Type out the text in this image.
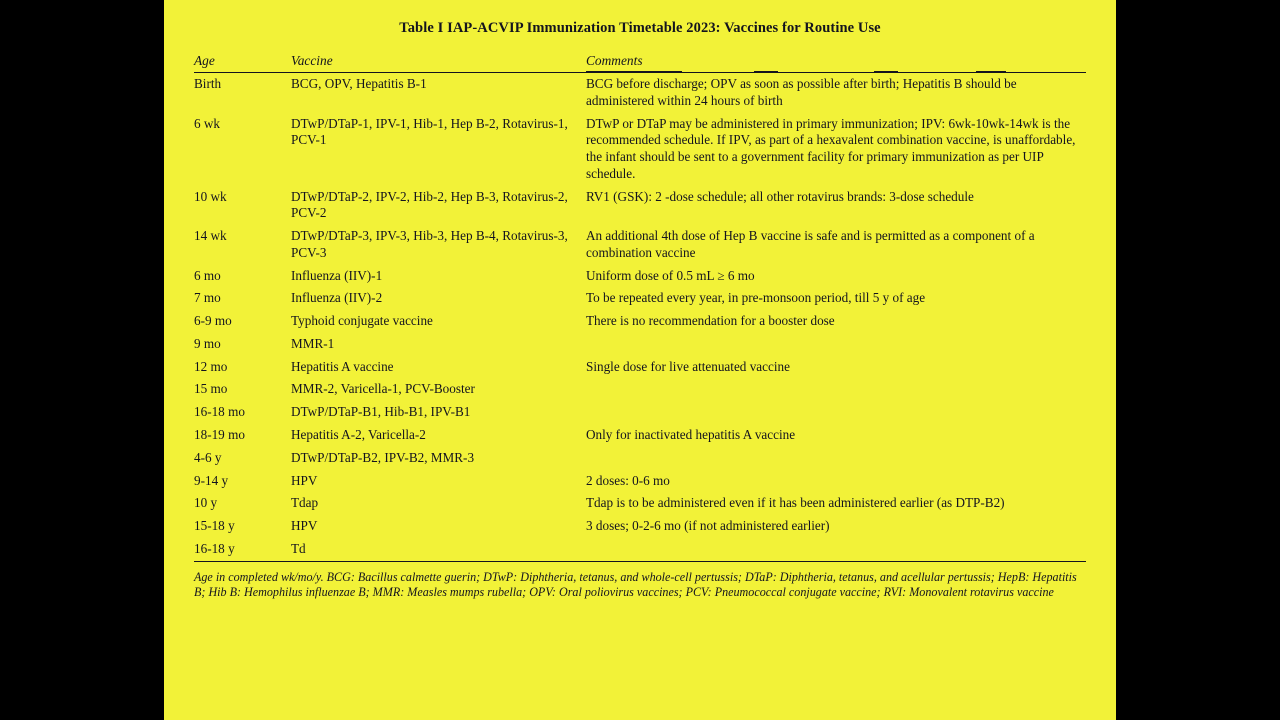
Table I IAP-ACVIP Immunization Timetable 2023: Vaccines for Routine Use

Age	Vaccine	Comments

Birth	BCG, OPV, Hepatitis B-1	BCG before discharge; OPV as soon as possible after birth; Hepatitis B should be administered within 24 hours of birth
6 wk	DTwP/DTaP-1, IPV-1, Hib-1, Hep B-2, Rotavirus-1, PCV-1	DTwP or DTaP may be administered in primary immunization; IPV: 6wk-10wk-14wk is the recommended schedule. If IPV, as part of a hexavalent combination vaccine, is unaffordable, the infant should be sent to a government facility for primary immunization as per UIP schedule.
10 wk	DTwP/DTaP-2, IPV-2, Hib-2, Hep B-3, Rotavirus-2, PCV-2	RV1 (GSK): 2 -dose schedule; all other rotavirus brands: 3-dose schedule
14 wk	DTwP/DTaP-3, IPV-3, Hib-3, Hep B-4, Rotavirus-3, PCV-3	An additional 4th dose of Hep B vaccine is safe and is permitted as a component of a combination vaccine
6 mo	Influenza (IIV)-1	Uniform dose of 0.5 mL ≥ 6 mo
7 mo	Influenza (IIV)-2	To be repeated every year, in pre-monsoon period, till 5 y of age
6-9 mo	Typhoid conjugate vaccine	There is no recommendation for a booster dose
9 mo	MMR-1	
12 mo	Hepatitis A vaccine	Single dose for live attenuated vaccine
15 mo	MMR-2, Varicella-1, PCV-Booster	
16-18 mo	DTwP/DTaP-B1, Hib-B1, IPV-B1	
18-19 mo	Hepatitis A-2, Varicella-2	Only for inactivated hepatitis A vaccine
4-6 y	DTwP/DTaP-B2, IPV-B2, MMR-3	
9-14 y	HPV	2 doses: 0-6 mo
10 y	Tdap	Tdap is to be administered even if it has been administered earlier (as DTP-B2)
15-18 y	HPV	3 doses; 0-2-6 mo (if not administered earlier)
16-18 y	Td	

Age in completed wk/mo/y. BCG: Bacillus calmette guerin; DTwP: Diphtheria, tetanus, and whole-cell pertussis; DTaP: Diphtheria, tetanus, and acellular pertussis; HepB: Hepatitis B; Hib B: Hemophilus influenzae B; MMR: Measles mumps rubella; OPV: Oral poliovirus vaccines; PCV: Pneumococcal conjugate vaccine; RVI: Monovalent rotavirus vaccine
